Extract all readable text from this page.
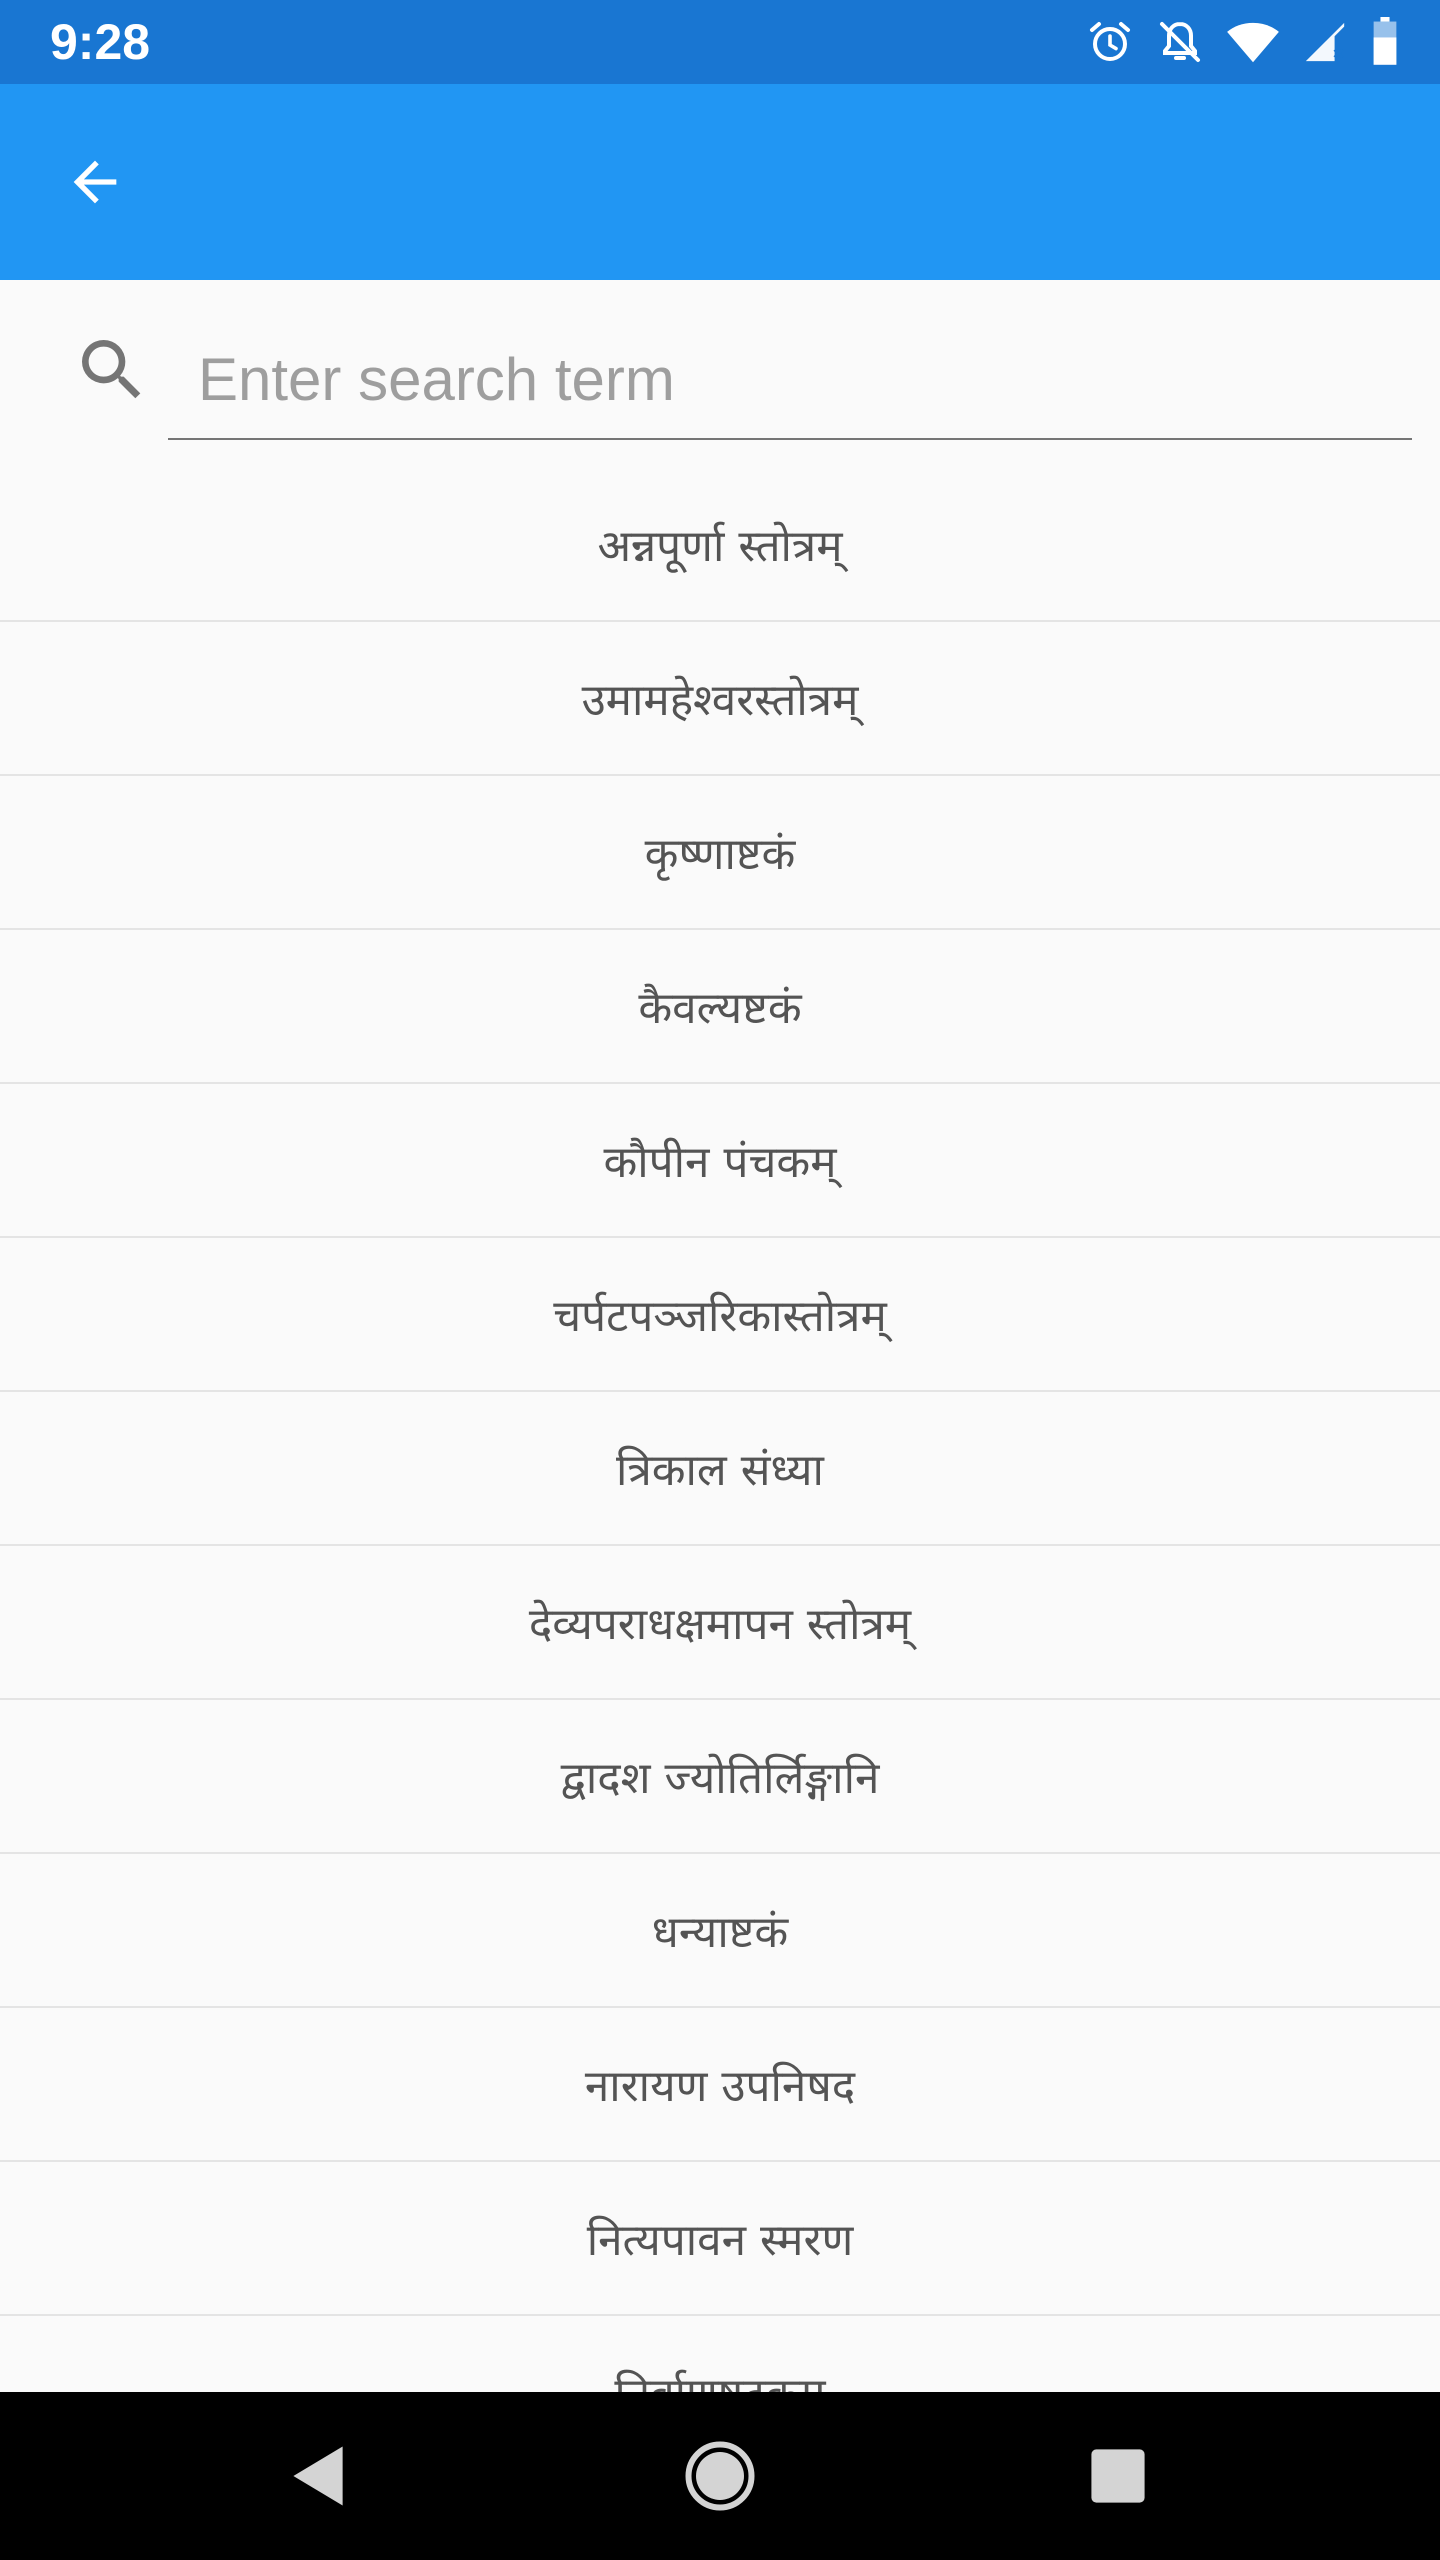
9:28
Enter search term
अन्नपूर्णा स्तोत्रम्
उमामहेश्वरस्तोत्रम्
कृष्णाष्टकं
कैवल्यष्टकं
कौपीन पंचकम्
चर्पटपञ्जरिकास्तोत्रम्
त्रिकाल संध्या
देव्यपराधक्षमापन स्तोत्रम्
द्वादश ज्योतिर्लिङ्गानि
धन्याष्टकं
नारायण उपनिषद
नित्यपावन स्मरण
